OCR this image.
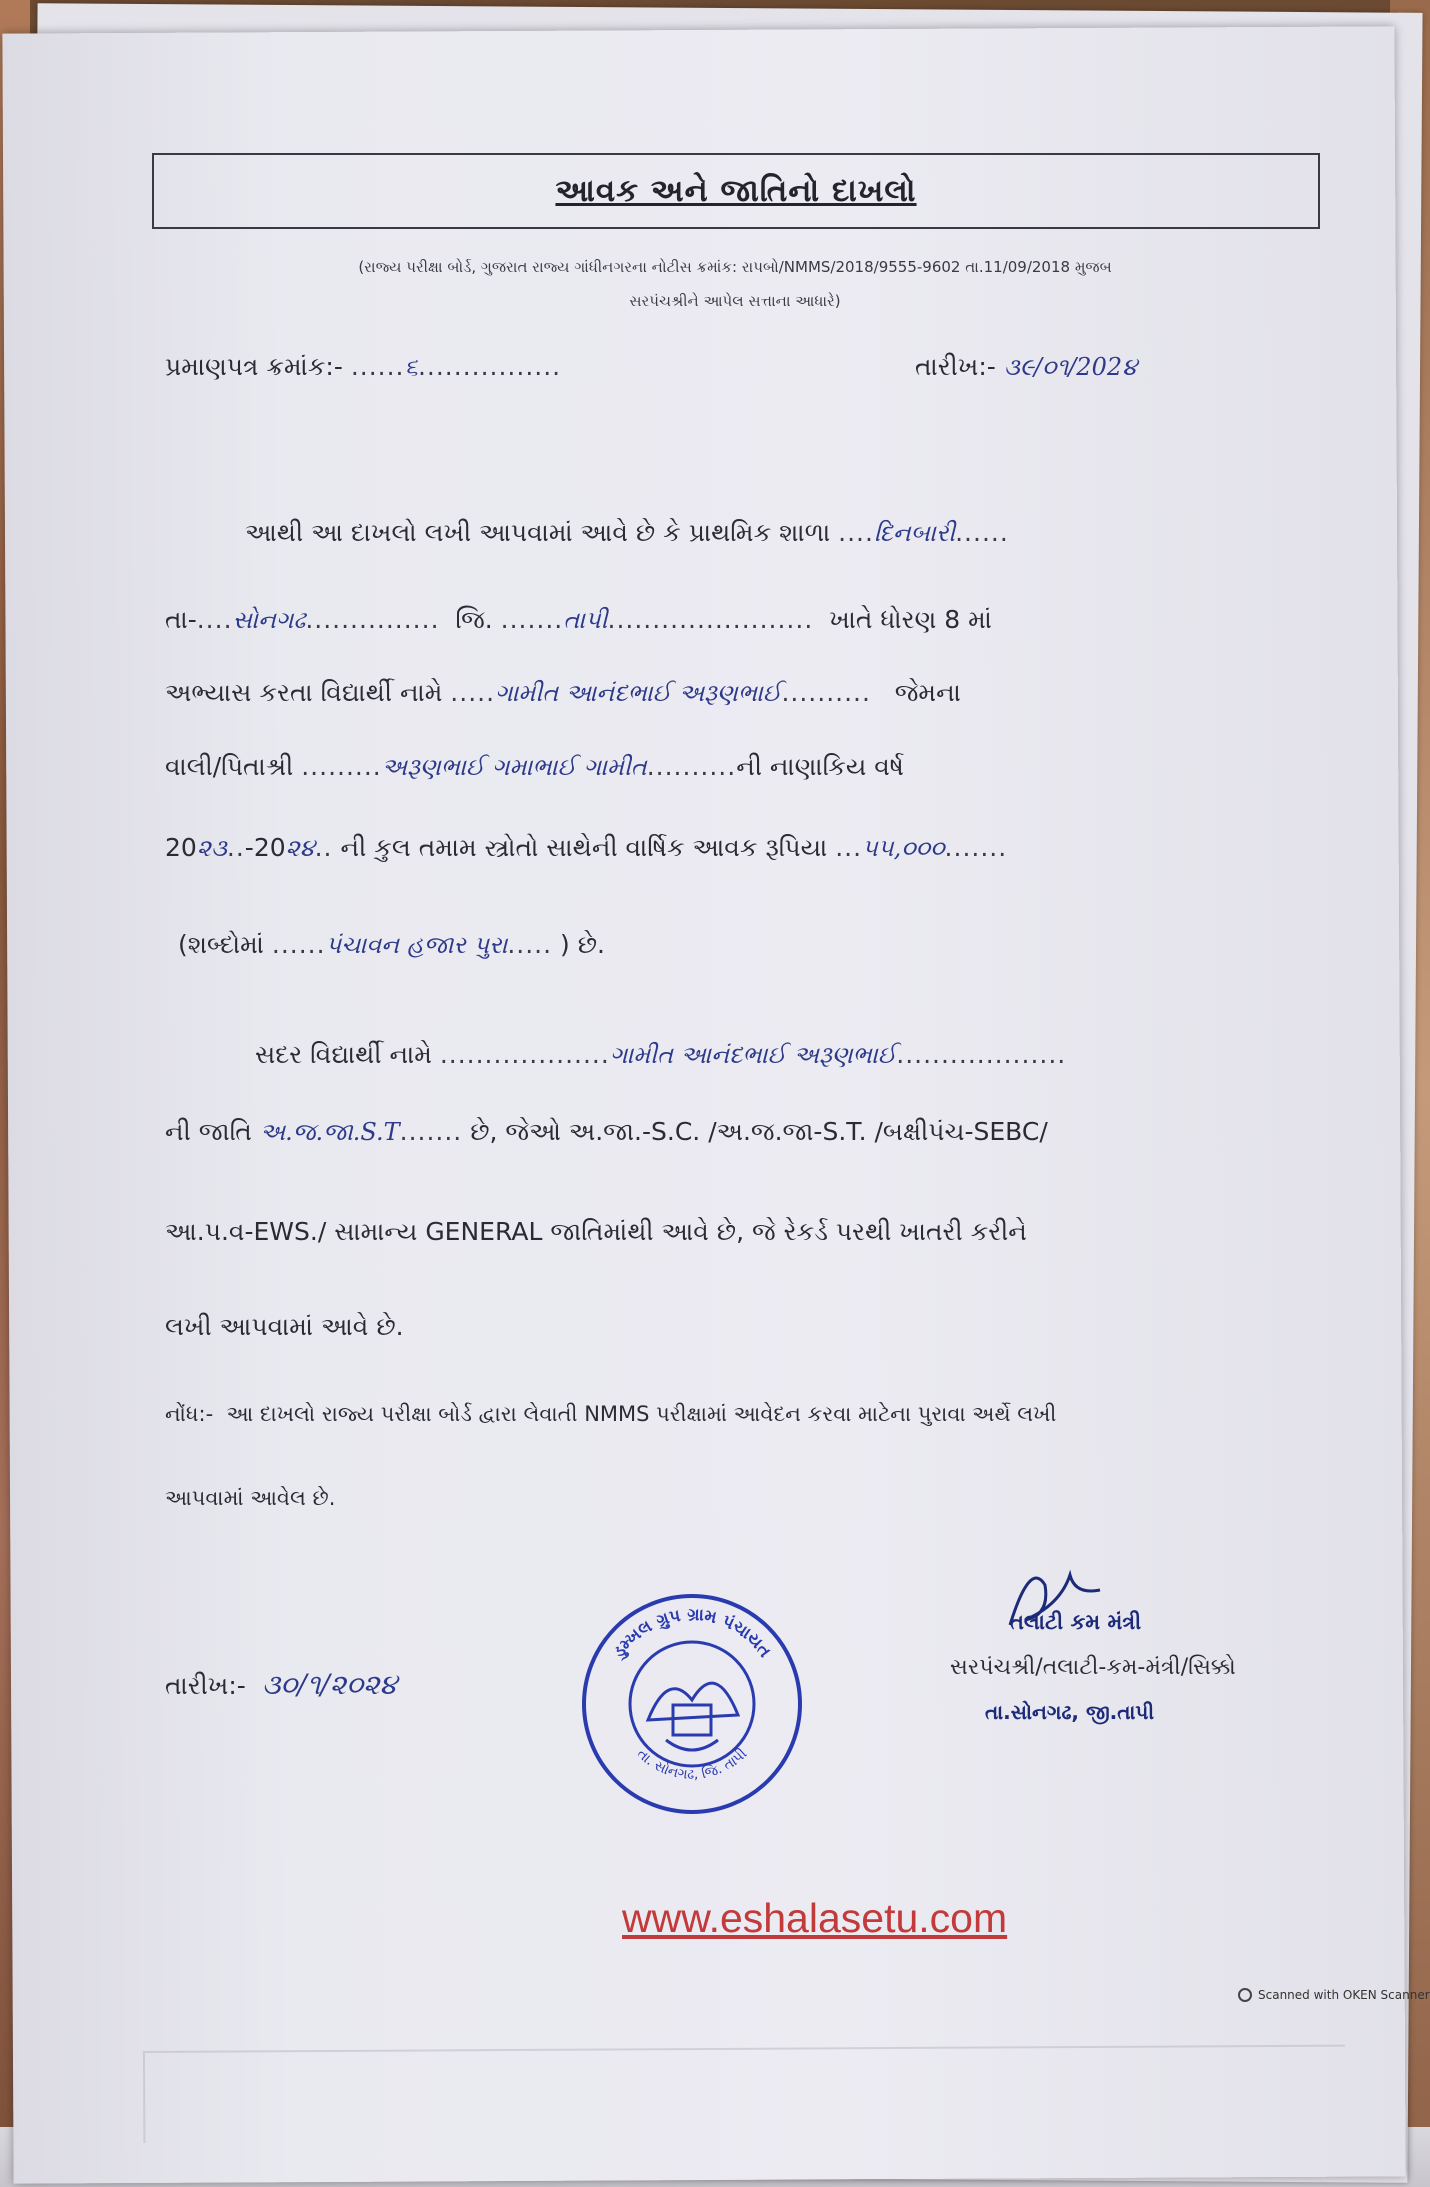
આવક અને જાતિનો દાખલો
(રાજ્ય પરીક્ષા બોર્ડ, ગુજરાત રાજ્ય ગાંધીનગરના નોટીસ ક્રમાંક: રાપબો/NMMS/2018/9555-9602 તા.11/09/2018 મુજબ
સરપંચશ્રીને આપેલ સત્તાના આધારે)
પ્રમાણપત્ર ક્રમાંક:- ......૬................	તારીખ:- ૩૯/૦૧/202૪
આથી આ દાખલો લખી આપવામાં આવે છે કે પ્રાથમિક શાળા ....દિનબારી......
તા-....સોનગઢ............... જિ. .......તાપી....................... ખાતે ધોરણ 8 માં
અભ્યાસ કરતા વિદ્યાર્થી નામે .....ગામીત આનંદભાઈ અરૂણભાઈ.......... જેમના
વાલી/પિતાશ્રી .........અરૂણભાઈ ગમાભાઈ ગામીત..........ની નાણાકિય વર્ષ
20૨૩..-20૨૪.. ની કુલ તમામ સ્ત્રોતો સાથેની વાર્ષિક આવક રૂપિયા ...૫૫,૦૦૦.......
(શબ્દોમાં ......પંચાવન હજાર પુરા..... ) છે.
સદર વિદ્યાર્થી નામે ...................ગામીત આનંદભાઈ અરૂણભાઈ...................
ની જાતિ અ.જ.જા.S.T....... છે, જેઓ અ.જા.-S.C. /અ.જ.જા-S.T. /બક્ષીપંચ-SEBC/
આ.પ.વ-EWS./ સામાન્ય GENERAL જાતિમાંથી આવે છે, જે રેકર્ડ પરથી ખાતરી કરીને
લખી આપવામાં આવે છે.
નોંધ:- આ દાખલો રાજ્ય પરીક્ષા બોર્ડ દ્વારા લેવાતી NMMS પરીક્ષામાં આવેદન કરવા માટેના પુરાવા અર્થે લખી
આપવામાં આવેલ છે.
તારીખ:- ૩૦/૧/૨૦૨૪
ડુમ્ખલ ગ્રુપ ગ્રામ પંચાયત
તા. સોનગઢ, જિ. તાપી
તલાટી કમ મંત્રી
સરપંચશ્રી/તલાટી-કમ-મંત્રી/સિક્કો
તા.સોનગઢ, જી.તાપી
www.eshalasetu.com
Scanned with OKEN Scanner
